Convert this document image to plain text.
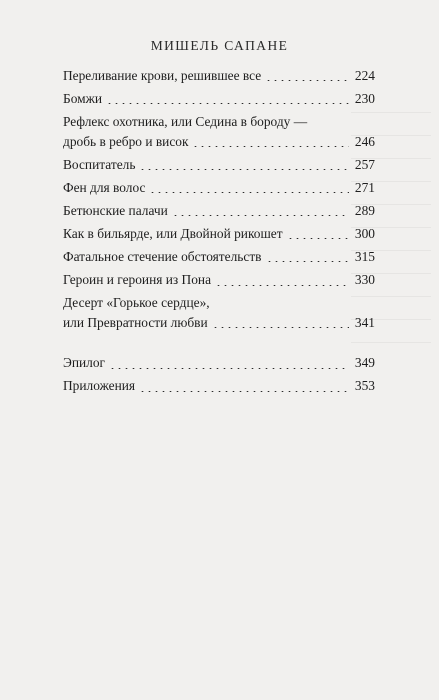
МИШЕЛЬ САПАНЕ
Переливание крови, решившее все	224
Бомжи	230
Рефлекс охотника, или Седина в бороду —
дробь в ребро и висок	246
Воспитатель	257
Фен для волос	271
Бетюнские палачи	289
Как в бильярде, или Двойной рикошет	300
Фатальное стечение обстоятельств	315
Героин и героиня из Пона	330
Десерт «Горькое сердце»,
или Превратности любви	341
Эпилог	349
Приложения	353
